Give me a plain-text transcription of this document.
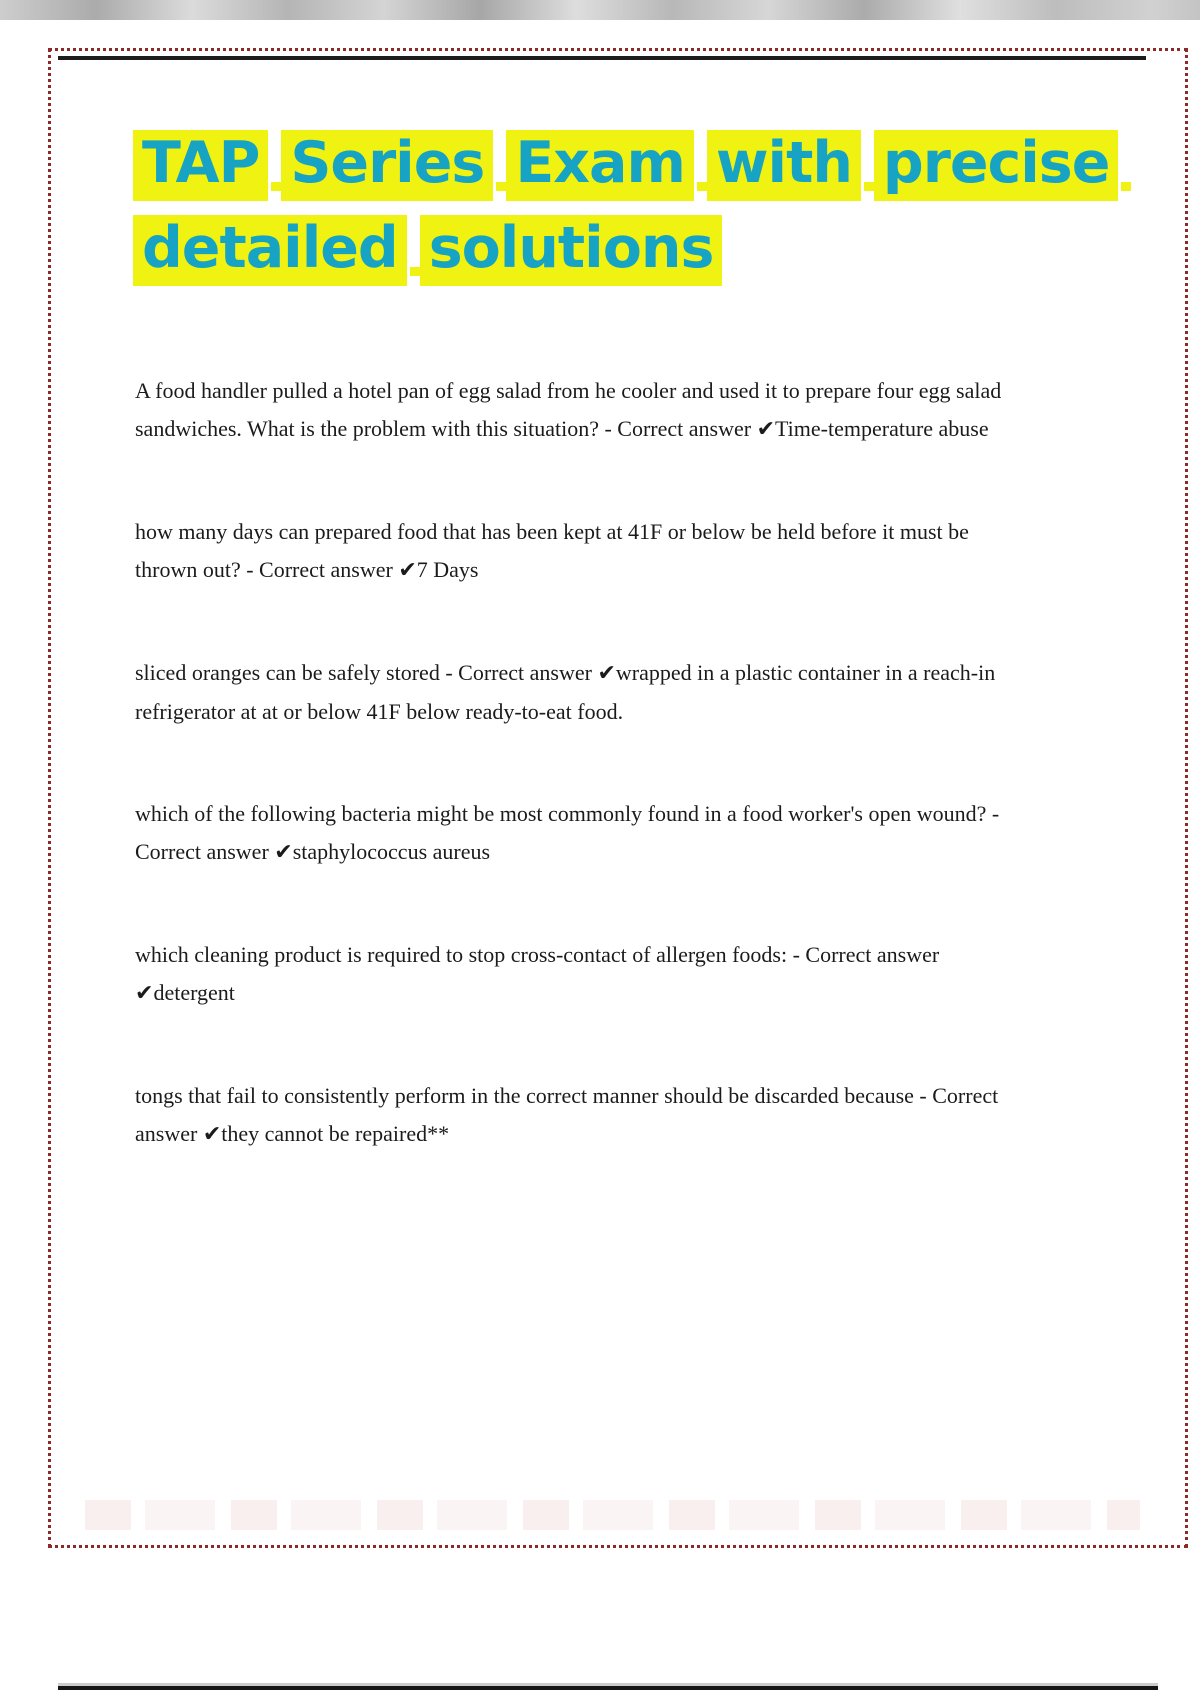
TAP Series Exam with precise
detailed solutions

A food handler pulled a hotel pan of egg salad from he cooler and used it to prepare four egg salad sandwiches. What is the problem with this situation? - Correct answer ✔Time-temperature abuse

how many days can prepared food that has been kept at 41F or below be held before it must be thrown out? - Correct answer ✔7 Days

sliced oranges can be safely stored - Correct answer ✔wrapped in a plastic container in a reach-in refrigerator at at or below 41F below ready-to-eat food.

which of the following bacteria might be most commonly found in a food worker's open wound? - Correct answer ✔staphylococcus aureus

which cleaning product is required to stop cross-contact of allergen foods: - Correct answer ✔detergent

tongs that fail to consistently perform in the correct manner should be discarded because - Correct answer ✔they cannot be repaired**
